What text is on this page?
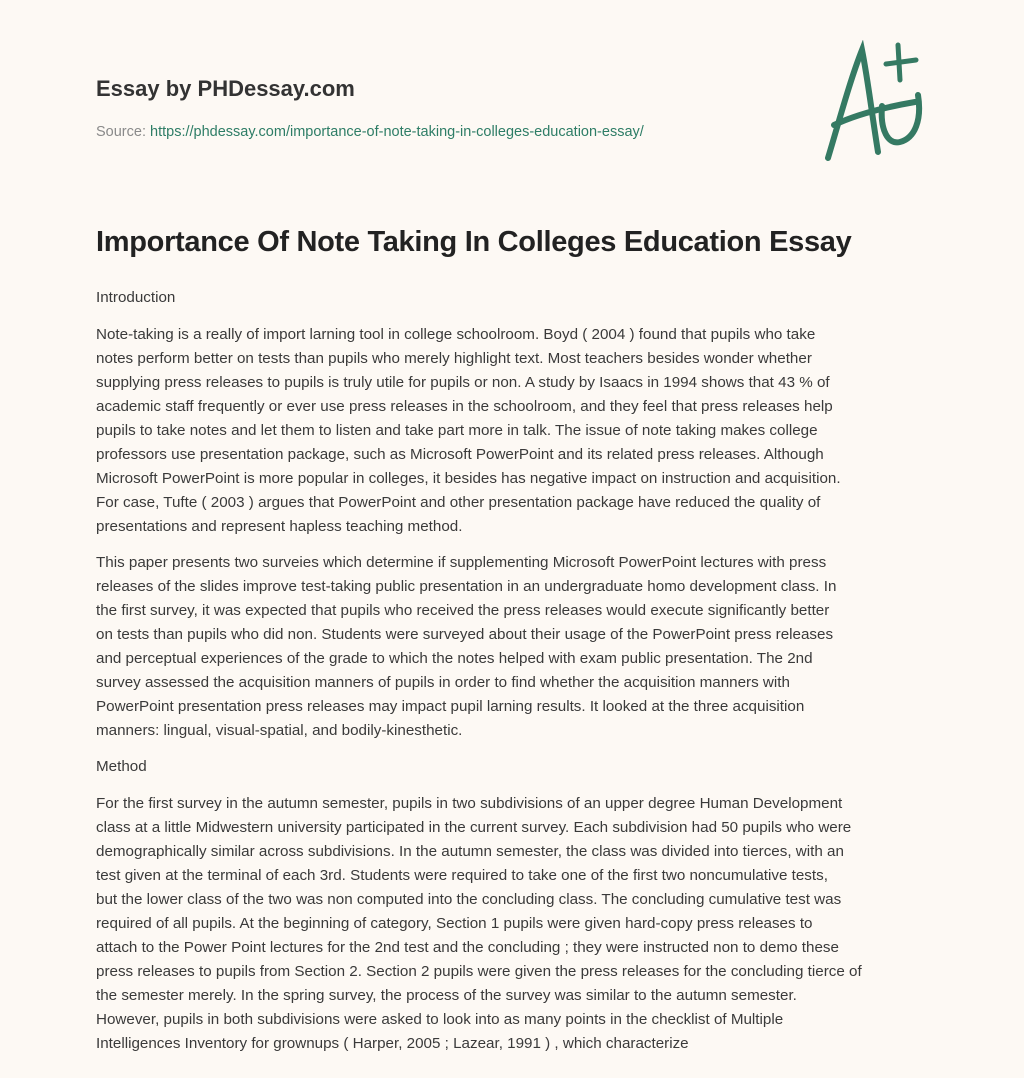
Essay by PHDessay.com
Source: https://phdessay.com/importance-of-note-taking-in-colleges-education-essay/
Importance Of Note Taking In Colleges Education Essay

Introduction

Note-taking is a really of import larning tool in college schoolroom. Boyd ( 2004 ) found that pupils who take
notes perform better on tests than pupils who merely highlight text. Most teachers besides wonder whether
supplying press releases to pupils is truly utile for pupils or non. A study by Isaacs in 1994 shows that 43 % of
academic staff frequently or ever use press releases in the schoolroom, and they feel that press releases help
pupils to take notes and let them to listen and take part more in talk. The issue of note taking makes college
professors use presentation package, such as Microsoft PowerPoint and its related press releases. Although
Microsoft PowerPoint is more popular in colleges, it besides has negative impact on instruction and acquisition.
For case, Tufte ( 2003 ) argues that PowerPoint and other presentation package have reduced the quality of
presentations and represent hapless teaching method.

This paper presents two surveies which determine if supplementing Microsoft PowerPoint lectures with press
releases of the slides improve test-taking public presentation in an undergraduate homo development class. In
the first survey, it was expected that pupils who received the press releases would execute significantly better
on tests than pupils who did non. Students were surveyed about their usage of the PowerPoint press releases
and perceptual experiences of the grade to which the notes helped with exam public presentation. The 2nd
survey assessed the acquisition manners of pupils in order to find whether the acquisition manners with
PowerPoint presentation press releases may impact pupil larning results. It looked at the three acquisition
manners: lingual, visual-spatial, and bodily-kinesthetic.

Method

For the first survey in the autumn semester, pupils in two subdivisions of an upper degree Human Development
class at a little Midwestern university participated in the current survey. Each subdivision had 50 pupils who were
demographically similar across subdivisions. In the autumn semester, the class was divided into tierces, with an
test given at the terminal of each 3rd. Students were required to take one of the first two noncumulative tests,
but the lower class of the two was non computed into the concluding class. The concluding cumulative test was
required of all pupils. At the beginning of category, Section 1 pupils were given hard-copy press releases to
attach to the Power Point lectures for the 2nd test and the concluding ; they were instructed non to demo these
press releases to pupils from Section 2. Section 2 pupils were given the press releases for the concluding tierce of
the semester merely. In the spring survey, the process of the survey was similar to the autumn semester.
However, pupils in both subdivisions were asked to look into as many points in the checklist of Multiple
Intelligences Inventory for grownups ( Harper, 2005 ; Lazear, 1991 ) , which characterize
